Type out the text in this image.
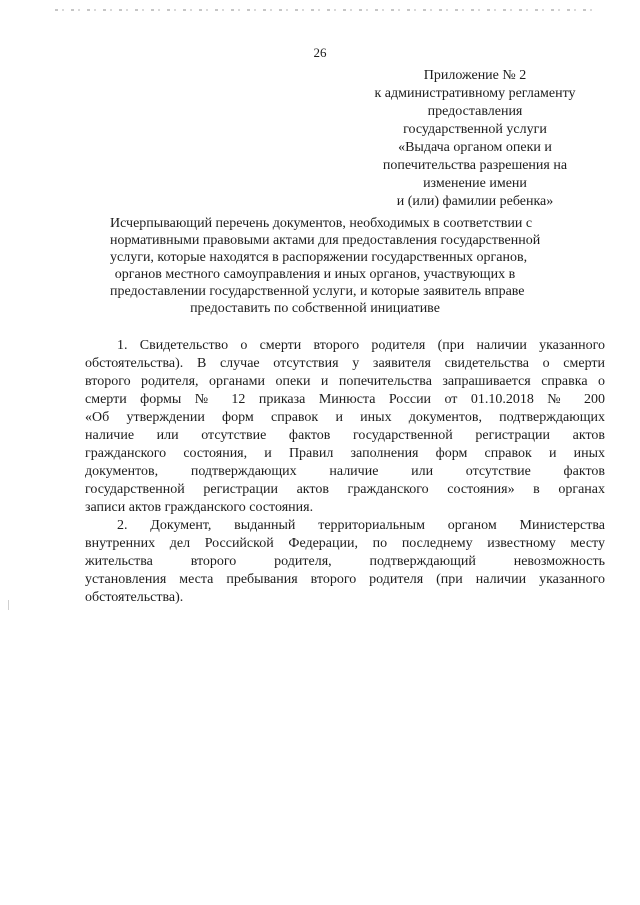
26
Приложение № 2
к административному регламенту
предоставления
государственной услуги
«Выдача органом опеки и
попечительства разрешения на
изменение имени
и (или) фамилии ребенка»
Исчерпывающий перечень документов, необходимых в соответствии с
нормативными правовыми актами для предоставления государственной
услуги, которые находятся в распоряжении государственных органов,
органов местного самоуправления и иных органов, участвующих в
предоставлении государственной услуги, и которые заявитель вправе
предоставить по собственной инициативе
1. Свидетельство о смерти второго родителя (при наличии указанного
обстоятельства). В случае отсутствия у заявителя свидетельства о смерти
второго родителя, органами опеки и попечительства запрашивается справка о
смерти формы № 12 приказа Минюста России от 01.10.2018 № 200
«Об утверждении форм справок и иных документов, подтверждающих
наличие или отсутствие фактов государственной регистрации актов
гражданского состояния, и Правил заполнения форм справок и иных
документов, подтверждающих наличие или отсутствие фактов
государственной регистрации актов гражданского состояния» в органах
записи актов гражданского состояния.
2. Документ, выданный территориальным органом Министерства
внутренних дел Российской Федерации, по последнему известному месту
жительства второго родителя, подтверждающий невозможность
установления места пребывания второго родителя (при наличии указанного
обстоятельства).
